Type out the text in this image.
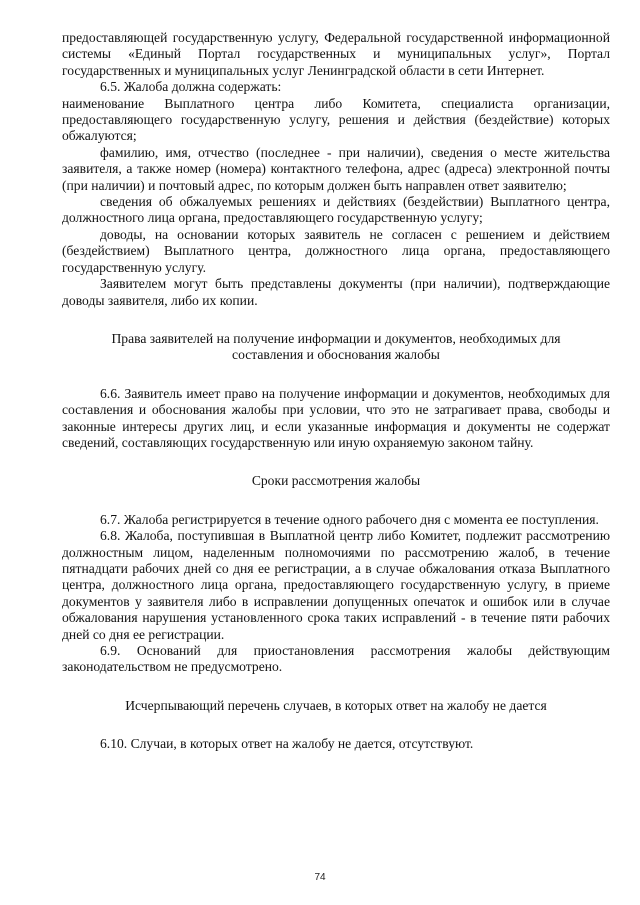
предоставляющей государственную услугу, Федеральной государственной информационной системы «Единый Портал государственных и муниципальных услуг», Портал государственных и муниципальных услуг Ленинградской области в сети Интернет.

6.5. Жалоба должна содержать:

наименование Выплатного центра либо Комитета, специалиста организации, предоставляющего государственную услугу, решения и действия (бездействие) которых обжалуются;

фамилию, имя, отчество (последнее - при наличии), сведения о месте жительства заявителя, а также номер (номера) контактного телефона, адрес (адреса) электронной почты (при наличии) и почтовый адрес, по которым должен быть направлен ответ заявителю;

сведения об обжалуемых решениях и действиях (бездействии) Выплатного центра, должностного лица органа, предоставляющего государственную услугу;

доводы, на основании которых заявитель не согласен с решением и действием (бездействием) Выплатного центра, должностного лица органа, предоставляющего государственную услугу.

Заявителем могут быть представлены документы (при наличии), подтверждающие доводы заявителя, либо их копии.

Права заявителей на получение информации и документов, необходимых для составления и обоснования жалобы

6.6. Заявитель имеет право на получение информации и документов, необходимых для составления и обоснования жалобы при условии, что это не затрагивает права, свободы и законные интересы других лиц, и если указанные информация и документы не содержат сведений, составляющих государственную или иную охраняемую законом тайну.

Сроки рассмотрения жалобы

6.7. Жалоба регистрируется в течение одного рабочего дня с момента ее поступления.

6.8. Жалоба, поступившая в Выплатной центр либо Комитет, подлежит рассмотрению должностным лицом, наделенным полномочиями по рассмотрению жалоб, в течение пятнадцати рабочих дней со дня ее регистрации, а в случае обжалования отказа Выплатного центра, должностного лица органа, предоставляющего государственную услугу, в приеме документов у заявителя либо в исправлении допущенных опечаток и ошибок или в случае обжалования нарушения установленного срока таких исправлений - в течение пяти рабочих дней со дня ее регистрации.

6.9. Оснований для приостановления рассмотрения жалобы действующим законодательством не предусмотрено.

Исчерпывающий перечень случаев, в которых ответ на жалобу не дается

6.10. Случаи, в которых ответ на жалобу не дается, отсутствуют.

74
